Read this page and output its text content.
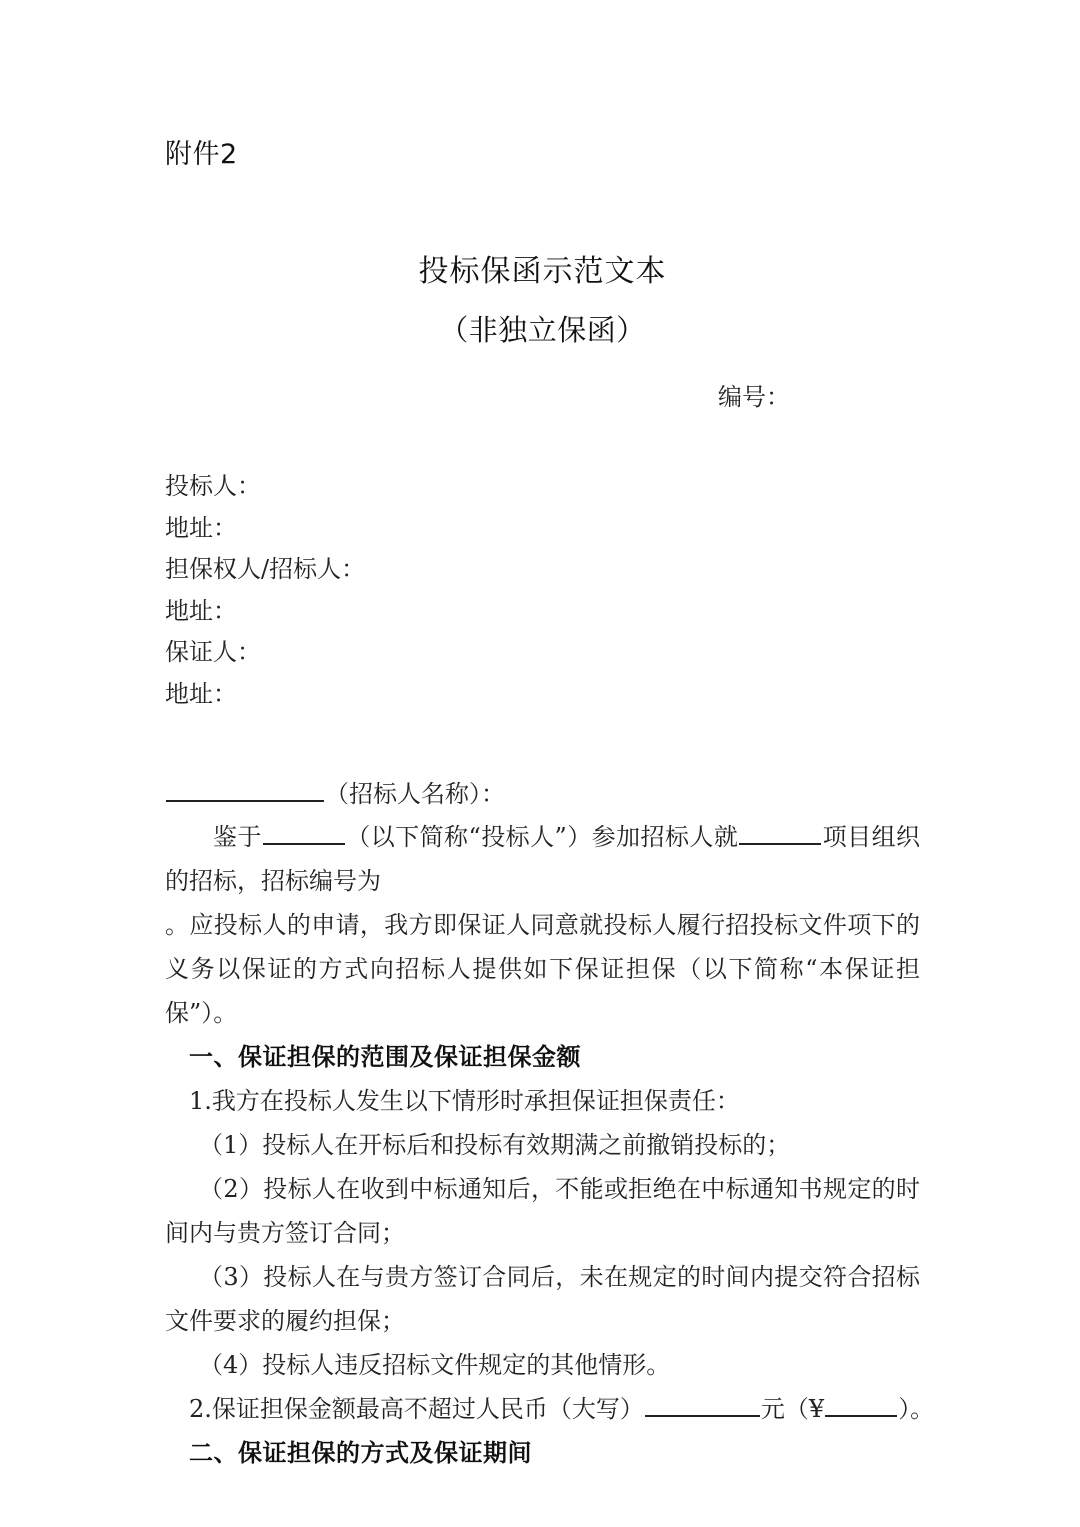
附件2
投标保函示范文本
（非独立保函）
编号：
投标人：
地址：
担保权人/招标人：
地址：
保证人：
地址：
（招标人名称）：
鉴于	（以下简称“投标人”）参加招标人就	项目组织的招标，招标编号为
。应投标人的申请，我方即保证人同意就投标人履行招投标文件项下的义务以保证的方式向招标人提供如下保证担保（以下简称“本保证担保”）。
一、保证担保的范围及保证担保金额
1.我方在投标人发生以下情形时承担保证担保责任：
（1）投标人在开标后和投标有效期满之前撤销投标的；
（2）投标人在收到中标通知后，不能或拒绝在中标通知书规定的时间内与贵方签订合同；
（3）投标人在与贵方签订合同后，未在规定的时间内提交符合招标文件要求的履约担保；
（4）投标人违反招标文件规定的其他情形。
2.保证担保金额最高不超过人民币（大写）	元（¥	）。
二、保证担保的方式及保证期间
